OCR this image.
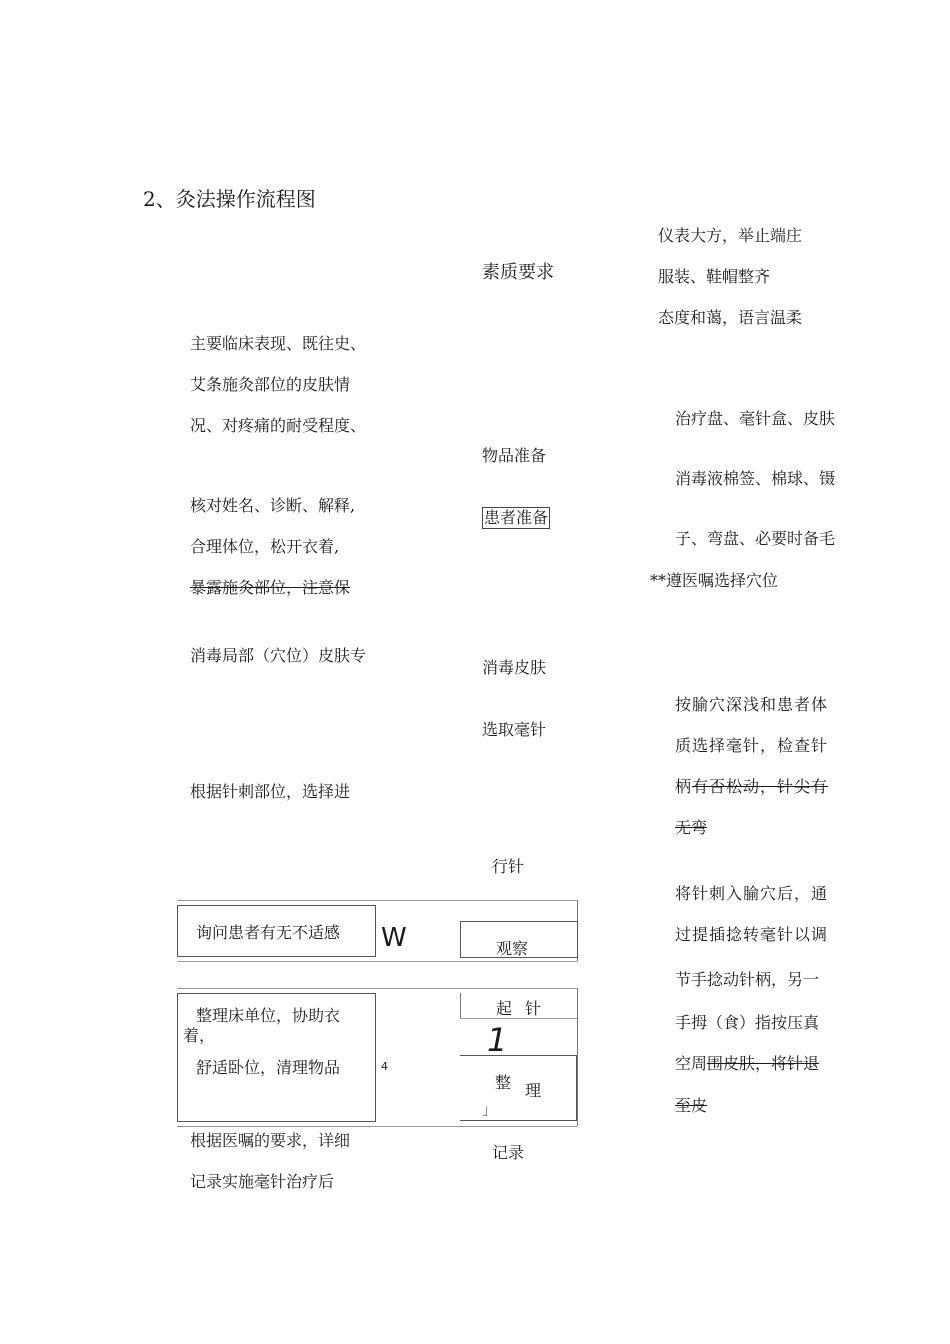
2、灸法操作流程图
素质要求
物品准备
患者准备
消毒皮肤
选取毫针
行针
记录
主要临床表现、既往史、
艾条施灸部位的皮肤情
况、对疼痛的耐受程度、
核对姓名、诊断、解释,
合理体位，松开衣着,
暴露施灸部位，注意保
消毒局部（穴位）皮肤专
根据针刺部位，选择进
根据医嘱的要求，详细
记录实施毫针治疗后
询问患者有无不适感 W	观察
整理床单位，协助衣着，
舒适卧位，清理物品	4
起 针
1
整 理
」
仪表大方，举止端庄
服装、鞋帽整齐
态度和蔼，语言温柔
治疗盘、毫针盒、皮肤
消毒液棉签、棉球、镊
子、弯盘、必要时备毛
**遵医嘱选择穴位
按腧穴深浅和患者体
质选择毫针，检查针
柄有否松动，针尖有
无弯
将针刺入腧穴后，通
过提插捻转毫针以调
节手捻动针柄，另一
手拇（食）指按压真
空周围皮肤，将针退
至皮
